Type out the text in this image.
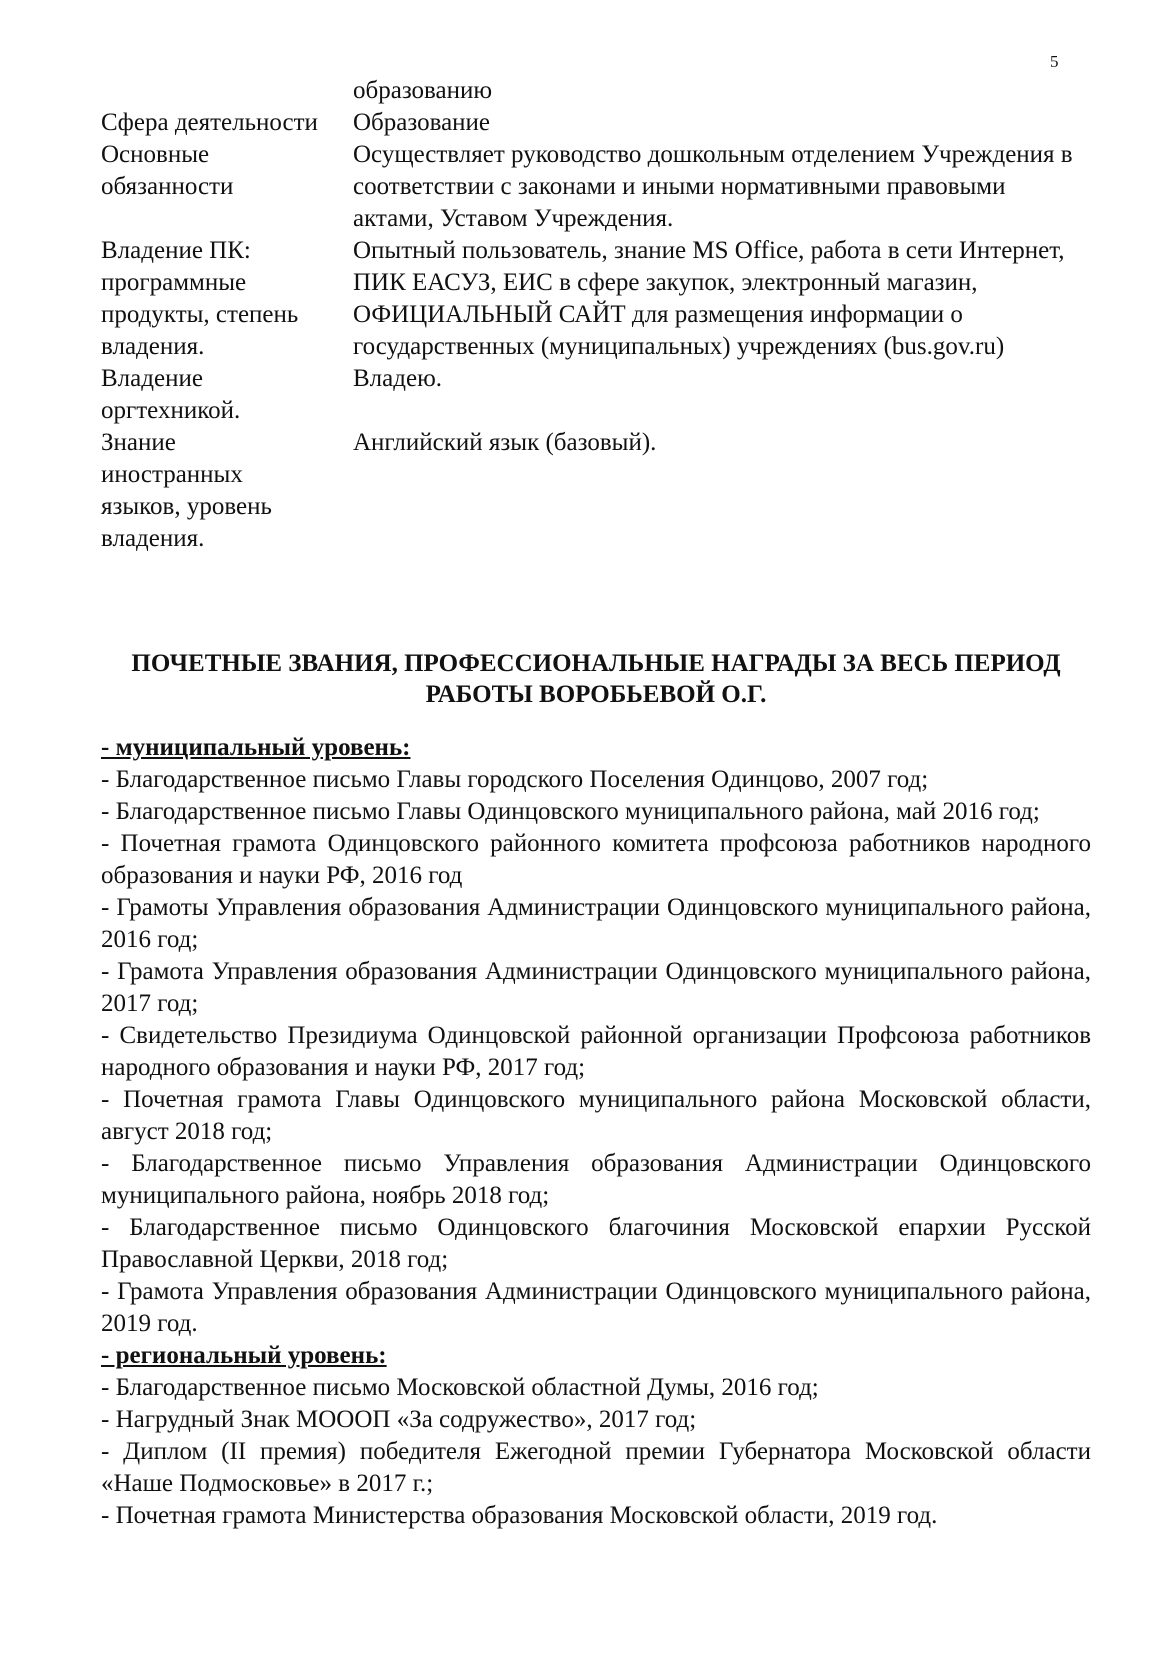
5
образованию
Сфера деятельности	Образование
Основные обязанности
Осуществляет руководство дошкольным отделением Учреждения в соответствии с законами и иными нормативными правовыми актами, Уставом Учреждения.
Владение ПК: программные продукты, степень владения.
Опытный пользователь, знание MS Office, работа в сети Интернет, ПИК ЕАСУЗ, ЕИС в сфере закупок, электронный магазин, ОФИЦИАЛЬНЫЙ САЙТ для размещения информации о государственных (муниципальных) учреждениях (bus.gov.ru)
Владение оргтехникой.
Владею.
Знание иностранных языков, уровень владения.
Английский язык (базовый).
ПОЧЕТНЫЕ ЗВАНИЯ, ПРОФЕССИОНАЛЬНЫЕ НАГРАДЫ ЗА ВЕСЬ ПЕРИОД РАБОТЫ ВОРОБЬЕВОЙ О.Г.
- муниципальный уровень:
- Благодарственное письмо Главы городского Поселения Одинцово, 2007 год;
- Благодарственное письмо Главы Одинцовского муниципального района, май 2016 год;
- Почетная грамота Одинцовского районного комитета профсоюза работников народного образования и науки РФ, 2016 год
- Грамоты Управления образования Администрации Одинцовского муниципального района, 2016 год;
- Грамота Управления образования Администрации Одинцовского муниципального района, 2017 год;
- Свидетельство Президиума Одинцовской районной организации Профсоюза работников народного образования и науки РФ, 2017 год;
- Почетная грамота Главы Одинцовского муниципального района Московской области, август 2018 год;
- Благодарственное письмо Управления образования Администрации Одинцовского муниципального района, ноябрь 2018 год;
- Благодарственное письмо Одинцовского благочиния Московской епархии Русской Православной Церкви, 2018 год;
- Грамота Управления образования Администрации Одинцовского муниципального района, 2019 год.
- региональный уровень:
- Благодарственное письмо Московской областной Думы, 2016 год;
- Нагрудный Знак МОООП «За содружество», 2017 год;
- Диплом (II премия) победителя Ежегодной премии Губернатора Московской области «Наше Подмосковье» в 2017 г.;
- Почетная грамота Министерства образования Московской области, 2019 год.
